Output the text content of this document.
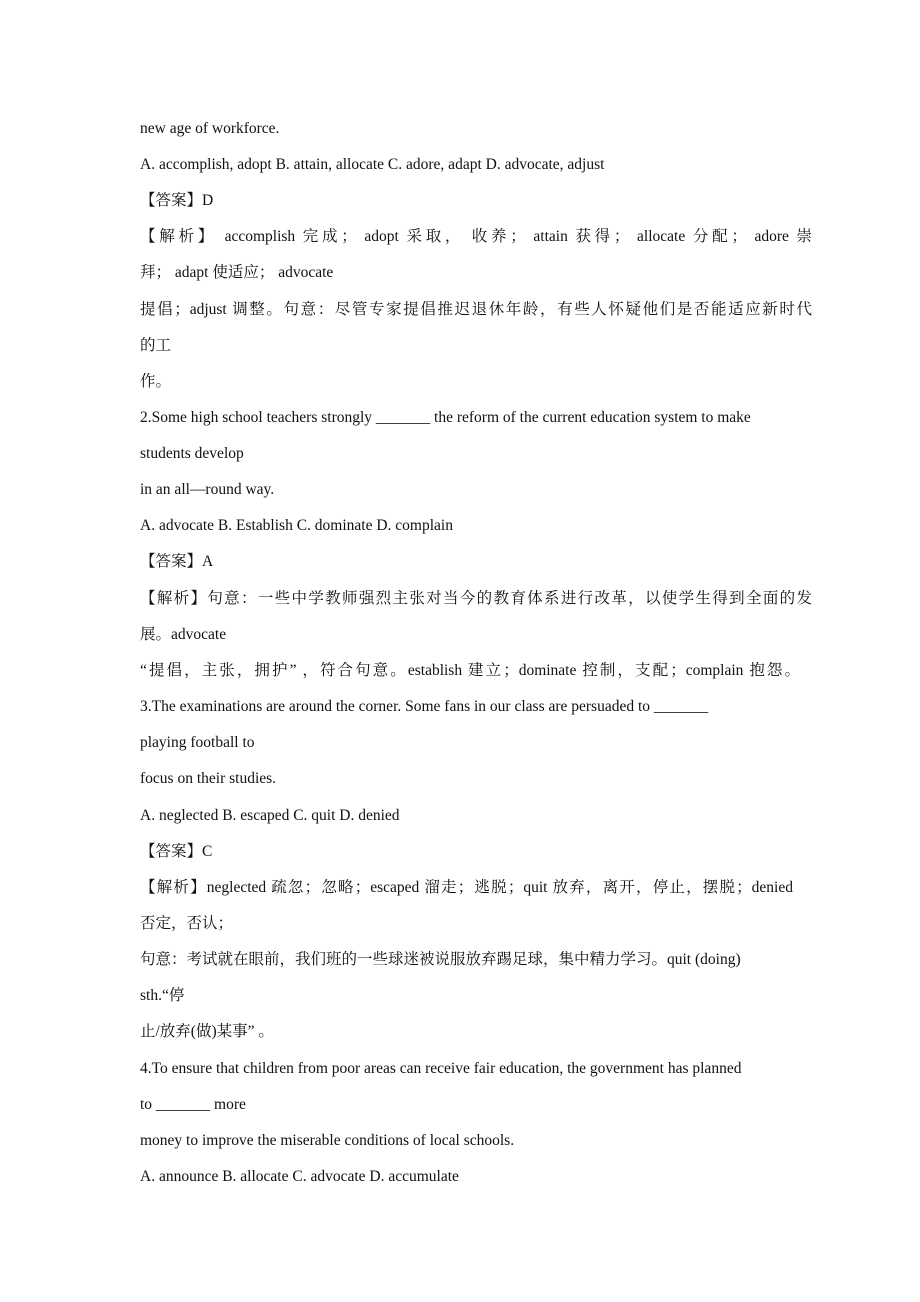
new age of workforce.
A. accomplish, adopt B. attain, allocate C. adore, adapt D. advocate, adjust
【答案】D
【解析】 accomplish 完成； adopt 采取， 收养； attain 获得； allocate 分配； adore 崇
拜； adapt 使适应； advocate
提倡；adjust 调整。句意：尽管专家提倡推迟退休年龄，有些人怀疑他们是否能适应新时代
的工
作。
2.Some high school teachers strongly _______ the reform of the current education system to make
students develop
in an all—round way.
A. advocate B. Establish C. dominate D. complain
【答案】A
【解析】句意：一些中学教师强烈主张对当今的教育体系进行改革，以使学生得到全面的发
展。advocate
“提倡，主张，拥护” ，符合句意。establish 建立；dominate 控制，支配；complain 抱怨。
3.The examinations are around the corner. Some fans in our class are persuaded to _______
playing football to
focus on their studies.
A. neglected B. escaped C. quit D. denied
【答案】C
【解析】neglected 疏忽；忽略；escaped 溜走；逃脱；quit 放弃，离开，停止，摆脱；denied
否定，否认；
句意：考试就在眼前，我们班的一些球迷被说服放弃踢足球，集中精力学习。quit (doing)
sth.“停
止/放弃(做)某事” 。
4.To ensure that children from poor areas can receive fair education, the government has planned
to _______ more
money to improve the miserable conditions of local schools.
A. announce B. allocate C. advocate D. accumulate
